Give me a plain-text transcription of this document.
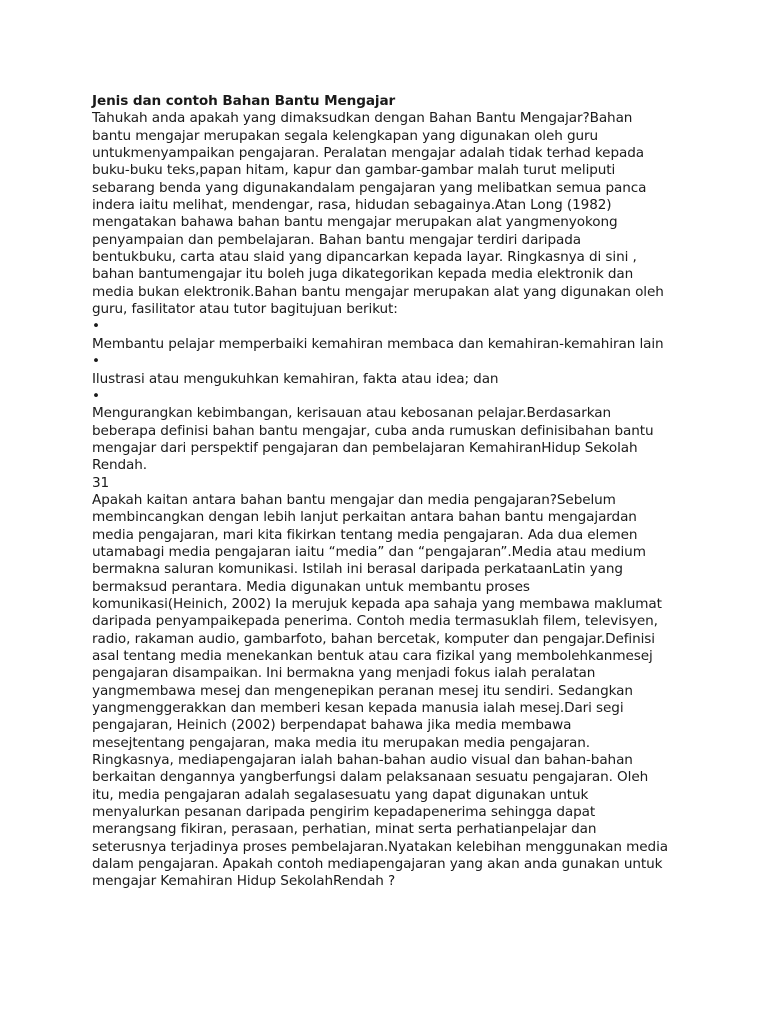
Jenis dan contoh Bahan Bantu Mengajar
Tahukah anda apakah yang dimaksudkan dengan Bahan Bantu Mengajar?Bahan
bantu mengajar merupakan segala kelengkapan yang digunakan oleh guru
untukmenyampaikan pengajaran. Peralatan mengajar adalah tidak terhad kepada
buku-buku teks,papan hitam, kapur dan gambar-gambar malah turut meliputi
sebarang benda yang digunakandalam pengajaran yang melibatkan semua panca
indera iaitu melihat, mendengar, rasa, hidudan sebagainya.Atan Long (1982)
mengatakan bahawa bahan bantu mengajar merupakan alat yangmenyokong
penyampaian dan pembelajaran. Bahan bantu mengajar terdiri daripada
bentukbuku, carta atau slaid yang dipancarkan kepada layar. Ringkasnya di sini ,
bahan bantumengajar itu boleh juga dikategorikan kepada media elektronik dan
media bukan elektronik.Bahan bantu mengajar merupakan alat yang digunakan oleh
guru, fasilitator atau tutor bagitujuan berikut:
•
Membantu pelajar memperbaiki kemahiran membaca dan kemahiran-kemahiran lain
•
Ilustrasi atau mengukuhkan kemahiran, fakta atau idea; dan
•
Mengurangkan kebimbangan, kerisauan atau kebosanan pelajar.Berdasarkan
beberapa definisi bahan bantu mengajar, cuba anda rumuskan definisibahan bantu
mengajar dari perspektif pengajaran dan pembelajaran KemahiranHidup Sekolah
Rendah.
31
Apakah kaitan antara bahan bantu mengajar dan media pengajaran?Sebelum
membincangkan dengan lebih lanjut perkaitan antara bahan bantu mengajardan
media pengajaran, mari kita fikirkan tentang media pengajaran. Ada dua elemen
utamabagi media pengajaran iaitu “media” dan “pengajaran”.Media atau medium
bermakna saluran komunikasi. Istilah ini berasal daripada perkataanLatin yang
bermaksud perantara. Media digunakan untuk membantu proses
komunikasi(Heinich, 2002) Ia merujuk kepada apa sahaja yang membawa maklumat
daripada penyampaikepada penerima. Contoh media termasuklah filem, televisyen,
radio, rakaman audio, gambarfoto, bahan bercetak, komputer dan pengajar.Definisi
asal tentang media menekankan bentuk atau cara fizikal yang membolehkanmesej
pengajaran disampaikan. Ini bermakna yang menjadi fokus ialah peralatan
yangmembawa mesej dan mengenepikan peranan mesej itu sendiri. Sedangkan
yangmenggerakkan dan memberi kesan kepada manusia ialah mesej.Dari segi
pengajaran, Heinich (2002) berpendapat bahawa jika media membawa
mesejtentang pengajaran, maka media itu merupakan media pengajaran.
Ringkasnya, mediapengajaran ialah bahan-bahan audio visual dan bahan-bahan
berkaitan dengannya yangberfungsi dalam pelaksanaan sesuatu pengajaran. Oleh
itu, media pengajaran adalah segalasesuatu yang dapat digunakan untuk
menyalurkan pesanan daripada pengirim kepadapenerima sehingga dapat
merangsang fikiran, perasaan, perhatian, minat serta perhatianpelajar dan
seterusnya terjadinya proses pembelajaran.Nyatakan kelebihan menggunakan media
dalam pengajaran. Apakah contoh mediapengajaran yang akan anda gunakan untuk
mengajar Kemahiran Hidup SekolahRendah ?
